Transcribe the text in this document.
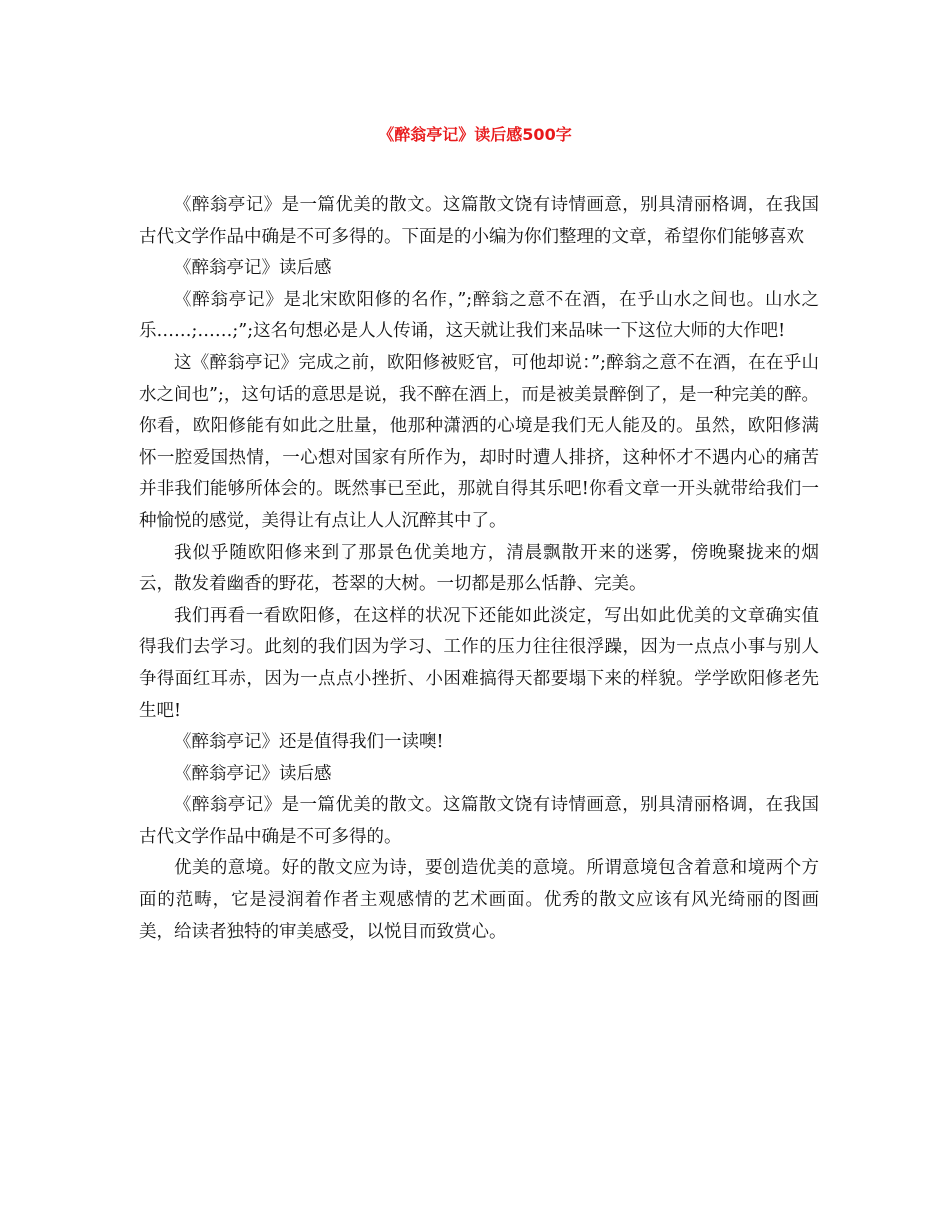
《醉翁亭记》读后感500字

《醉翁亭记》是一篇优美的散文。这篇散文饶有诗情画意，别具清丽格调，在我国古代文学作品中确是不可多得的。下面是的小编为你们整理的文章，希望你们能够喜欢

《醉翁亭记》读后感

《醉翁亭记》是北宋欧阳修的名作，”;醉翁之意不在酒，在乎山水之间也。山水之乐……;……;”;这名句想必是人人传诵，这天就让我们来品味一下这位大师的大作吧!

这《醉翁亭记》完成之前，欧阳修被贬官，可他却说：”;醉翁之意不在酒，在在乎山水之间也”;，这句话的意思是说，我不醉在酒上，而是被美景醉倒了，是一种完美的醉。你看，欧阳修能有如此之肚量，他那种潇洒的心境是我们无人能及的。虽然，欧阳修满怀一腔爱国热情，一心想对国家有所作为，却时时遭人排挤，这种怀才不遇内心的痛苦并非我们能够所体会的。既然事已至此，那就自得其乐吧!你看文章一开头就带给我们一种愉悦的感觉，美得让有点让人人沉醉其中了。

我似乎随欧阳修来到了那景色优美地方，清晨飘散开来的迷雾，傍晚聚拢来的烟云，散发着幽香的野花，苍翠的大树。一切都是那么恬静、完美。

我们再看一看欧阳修，在这样的状况下还能如此淡定，写出如此优美的文章确实值得我们去学习。此刻的我们因为学习、工作的压力往往很浮躁，因为一点点小事与别人争得面红耳赤，因为一点点小挫折、小困难搞得天都要塌下来的样貌。学学欧阳修老先生吧!

《醉翁亭记》还是值得我们一读噢!

《醉翁亭记》读后感

《醉翁亭记》是一篇优美的散文。这篇散文饶有诗情画意，别具清丽格调，在我国古代文学作品中确是不可多得的。

优美的意境。好的散文应为诗，要创造优美的意境。所谓意境包含着意和境两个方面的范畴，它是浸润着作者主观感情的艺术画面。优秀的散文应该有风光绮丽的图画美，给读者独特的审美感受，以悦目而致赏心。
